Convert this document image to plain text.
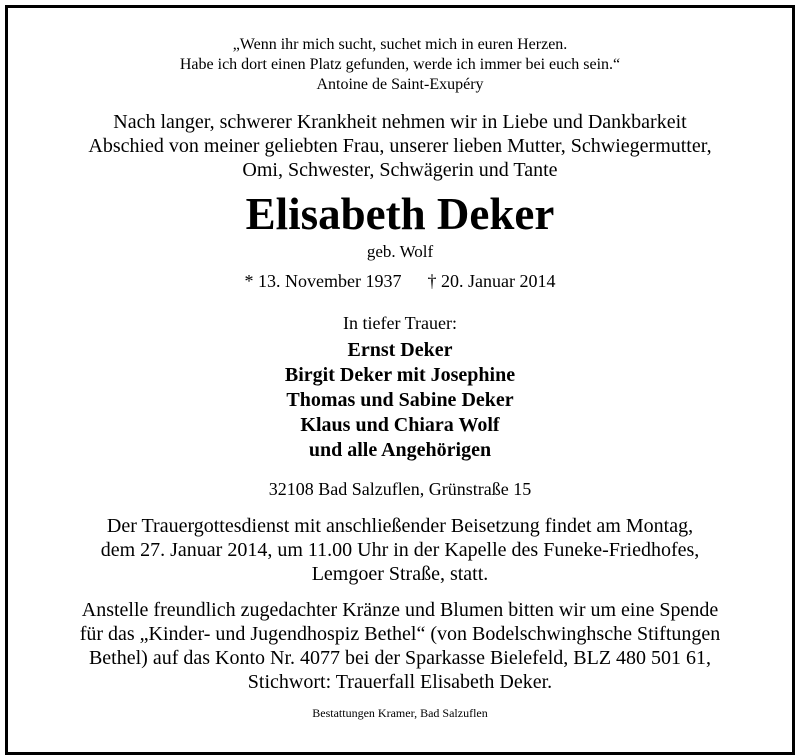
„Wenn ihr mich sucht, suchet mich in euren Herzen.
Habe ich dort einen Platz gefunden, werde ich immer bei euch sein.“
Antoine de Saint-Exupéry
Nach langer, schwerer Krankheit nehmen wir in Liebe und Dankbarkeit
Abschied von meiner geliebten Frau, unserer lieben Mutter, Schwiegermutter,
Omi, Schwester, Schwägerin und Tante
Elisabeth Deker
geb. Wolf
* 13. November 1937 † 20. Januar 2014
In tiefer Trauer:
Ernst Deker
Birgit Deker mit Josephine
Thomas und Sabine Deker
Klaus und Chiara Wolf
und alle Angehörigen
32108 Bad Salzuflen, Grünstraße 15
Der Trauergottesdienst mit anschließender Beisetzung findet am Montag,
dem 27. Januar 2014, um 11.00 Uhr in der Kapelle des Funeke-Friedhofes,
Lemgoer Straße, statt.
Anstelle freundlich zugedachter Kränze und Blumen bitten wir um eine Spende
für das „Kinder- und Jugendhospiz Bethel“ (von Bodelschwinghsche Stiftungen
Bethel) auf das Konto Nr. 4077 bei der Sparkasse Bielefeld, BLZ 480 501 61,
Stichwort: Trauerfall Elisabeth Deker.
Bestattungen Kramer, Bad Salzuflen
